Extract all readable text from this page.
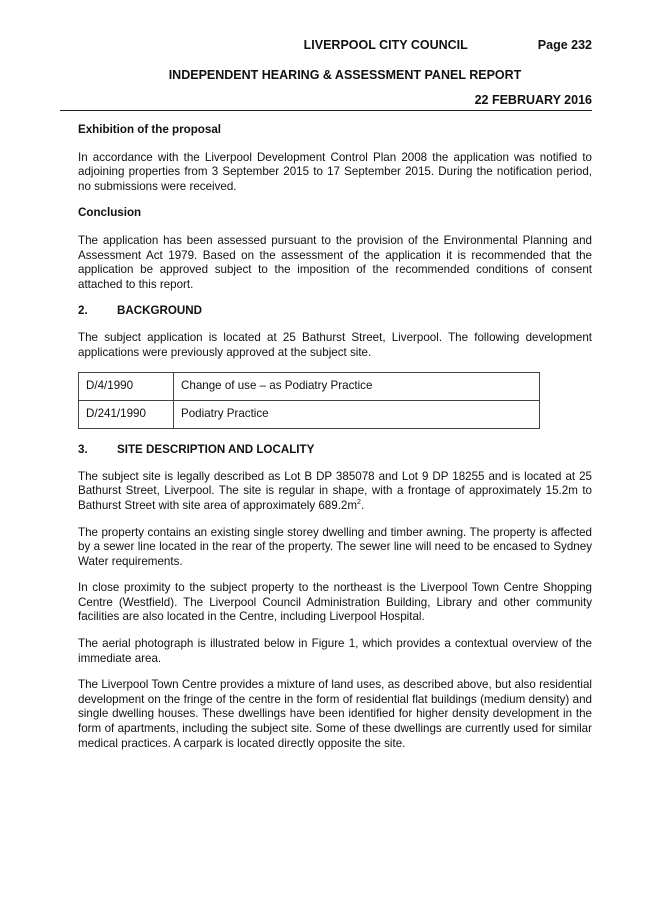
LIVERPOOL CITY COUNCIL	Page 232
INDEPENDENT HEARING & ASSESSMENT PANEL REPORT
22 FEBRUARY 2016
Exhibition of the proposal

In accordance with the Liverpool Development Control Plan 2008 the application was notified to adjoining properties from 3 September 2015 to 17 September 2015. During the notification period, no submissions were received.

Conclusion

The application has been assessed pursuant to the provision of the Environmental Planning and Assessment Act 1979. Based on the assessment of the application it is recommended that the application be approved subject to the imposition of the recommended conditions of consent attached to this report.

2.	BACKGROUND

The subject application is located at 25 Bathurst Street, Liverpool. The following development applications were previously approved at the subject site.

D/4/1990	Change of use – as Podiatry Practice
D/241/1990	Podiatry Practice
3.	SITE DESCRIPTION AND LOCALITY

The subject site is legally described as Lot B DP 385078 and Lot 9 DP 18255 and is located at 25 Bathurst Street, Liverpool. The site is regular in shape, with a frontage of approximately 15.2m to Bathurst Street with site area of approximately $689.2m^2$.

The property contains an existing single storey dwelling and timber awning. The property is affected by a sewer line located in the rear of the property. The sewer line will need to be encased to Sydney Water requirements.

In close proximity to the subject property to the northeast is the Liverpool Town Centre Shopping Centre (Westfield). The Liverpool Council Administration Building, Library and other community facilities are also located in the Centre, including Liverpool Hospital.

The aerial photograph is illustrated below in Figure 1, which provides a contextual overview of the immediate area.

The Liverpool Town Centre provides a mixture of land uses, as described above, but also residential development on the fringe of the centre in the form of residential flat buildings (medium density) and single dwelling houses. These dwellings have been identified for higher density development in the form of apartments, including the subject site. Some of these dwellings are currently used for similar medical practices. A carpark is located directly opposite the site.
